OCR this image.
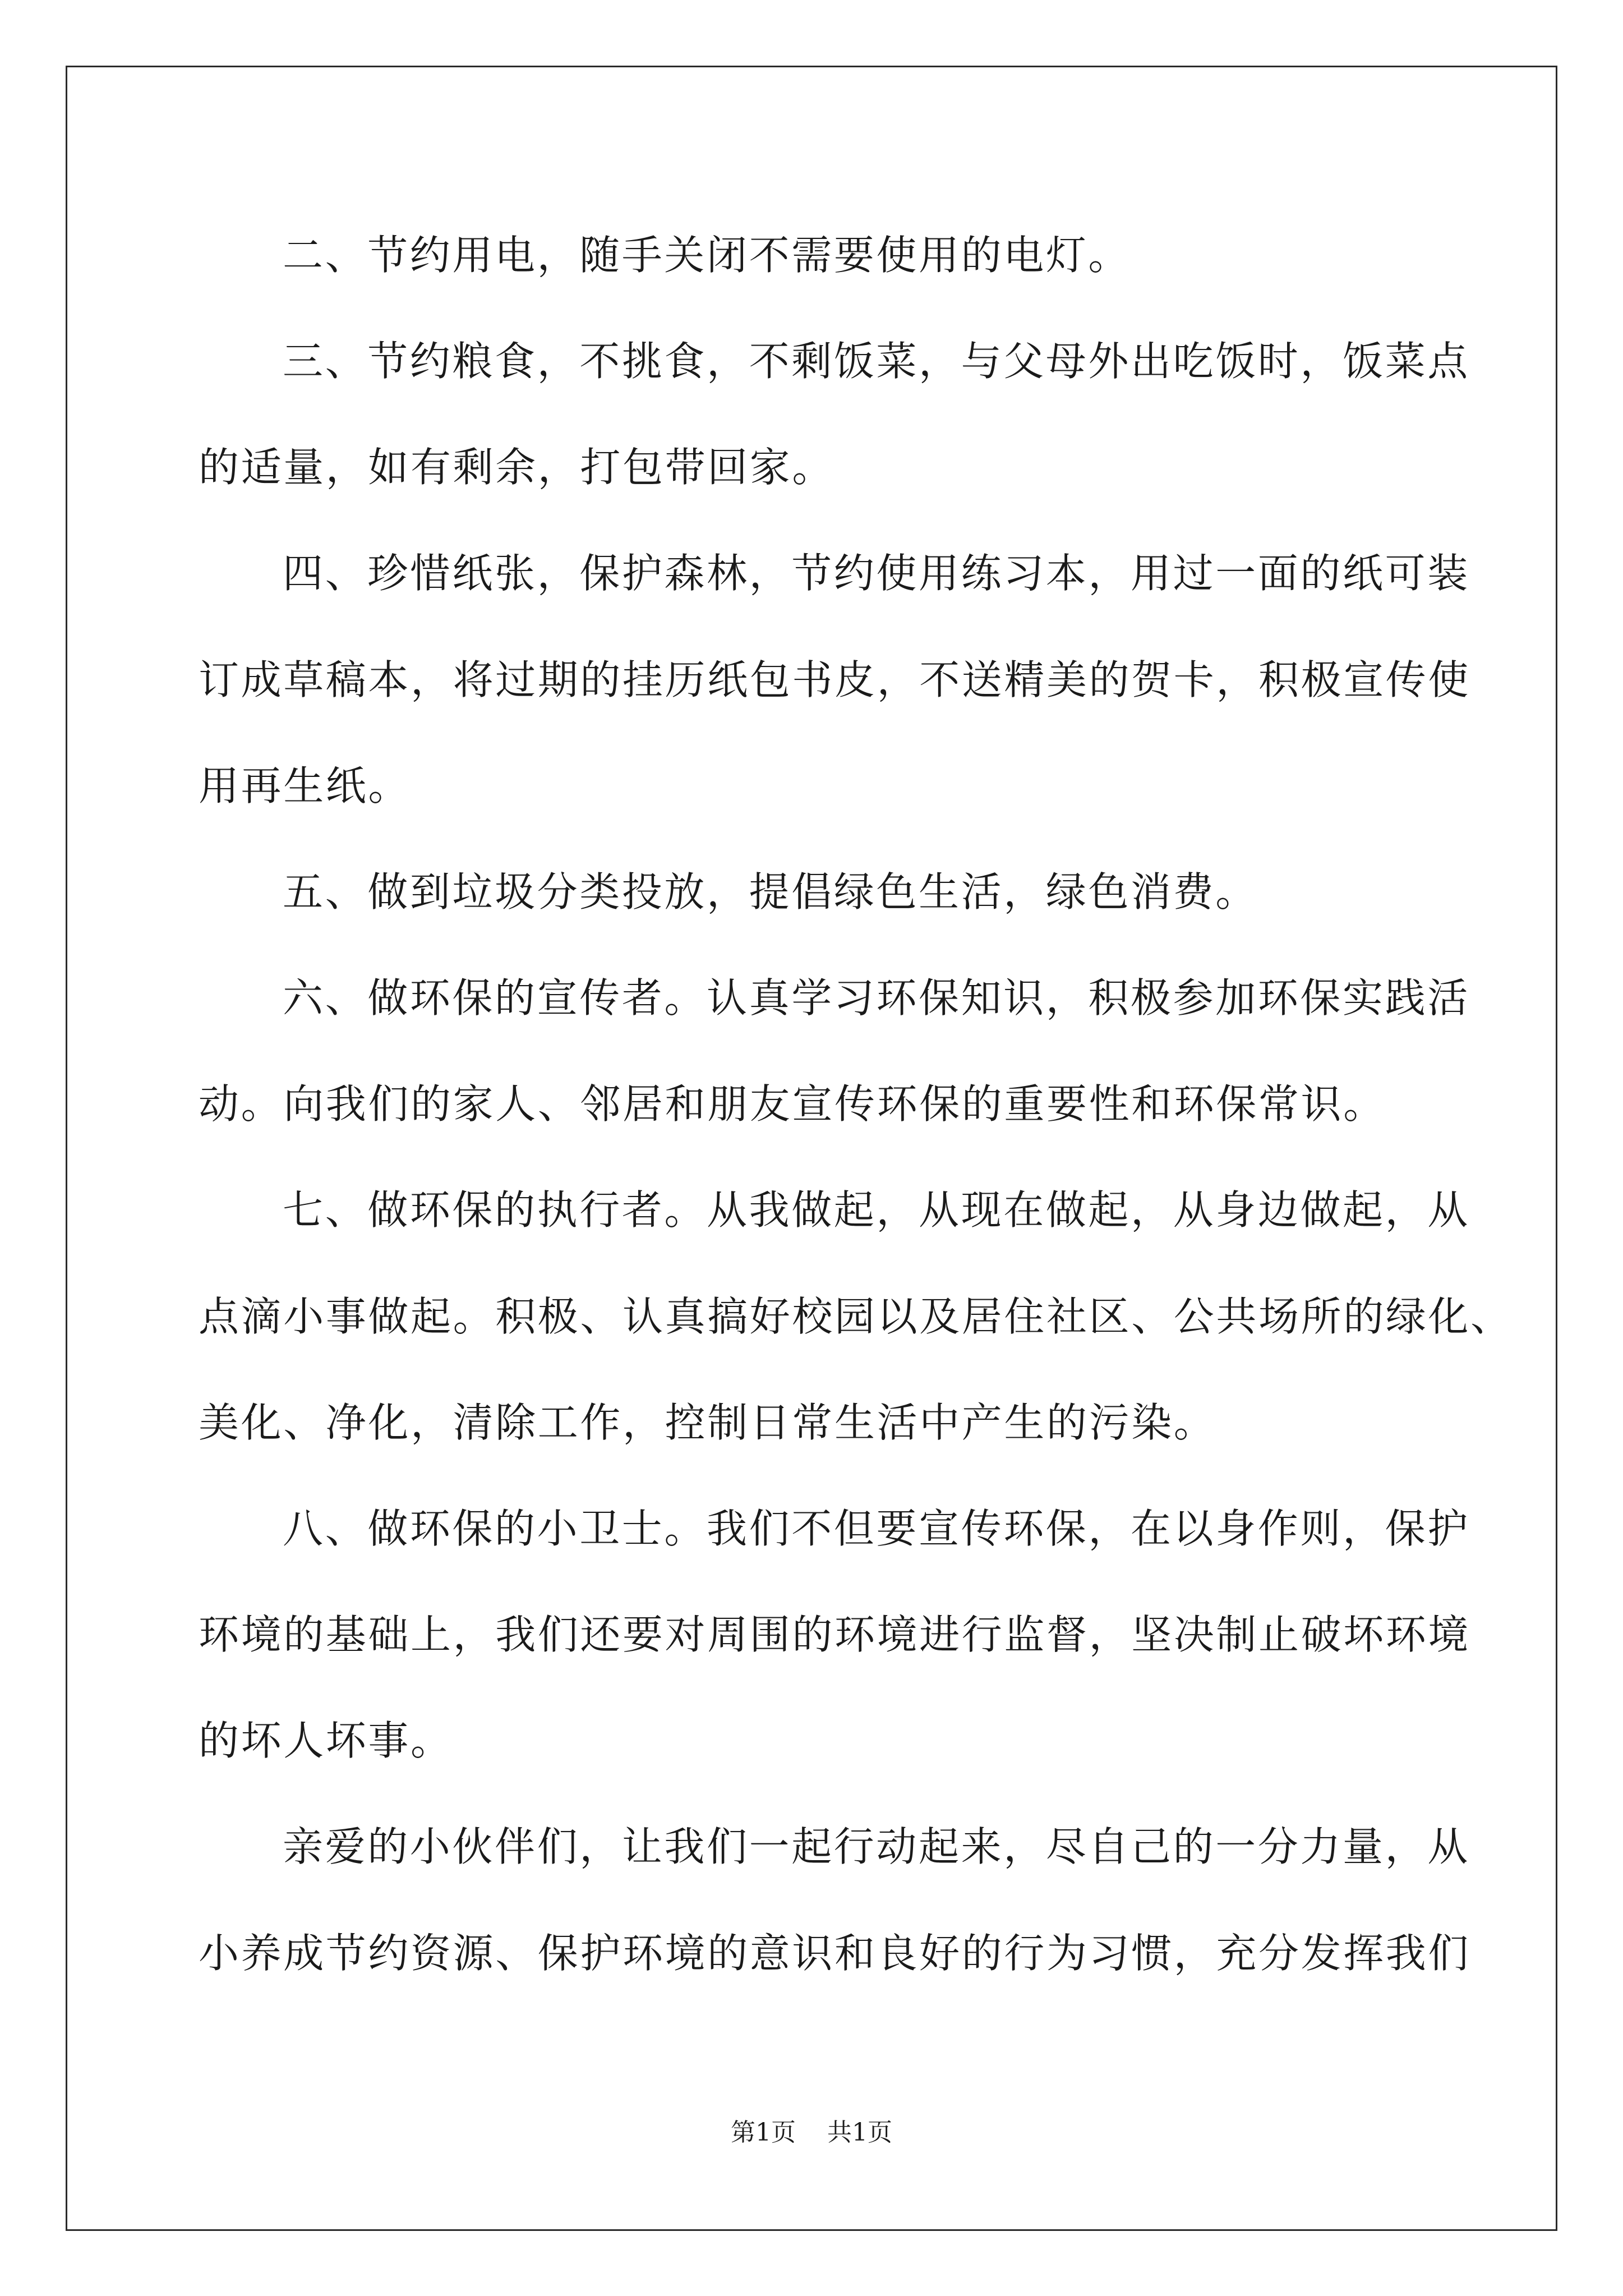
二、节约用电，随手关闭不需要使用的电灯。
三、节约粮食，不挑食，不剩饭菜，与父母外出吃饭时，饭菜点
的适量，如有剩余，打包带回家。
四、珍惜纸张，保护森林，节约使用练习本，用过一面的纸可装
订成草稿本，将过期的挂历纸包书皮，不送精美的贺卡，积极宣传使
用再生纸。
五、做到垃圾分类投放，提倡绿色生活，绿色消费。
六、做环保的宣传者。认真学习环保知识，积极参加环保实践活
动。向我们的家人、邻居和朋友宣传环保的重要性和环保常识。
七、做环保的执行者。从我做起，从现在做起，从身边做起，从
点滴小事做起。积极、认真搞好校园以及居住社区、公共场所的绿化、
美化、净化，清除工作，控制日常生活中产生的污染。
八、做环保的小卫士。我们不但要宣传环保，在以身作则，保护
环境的基础上，我们还要对周围的环境进行监督，坚决制止破坏环境
的坏人坏事。
亲爱的小伙伴们，让我们一起行动起来，尽自己的一分力量，从
小养成节约资源、保护环境的意识和良好的行为习惯，充分发挥我们
第1页 共1页
